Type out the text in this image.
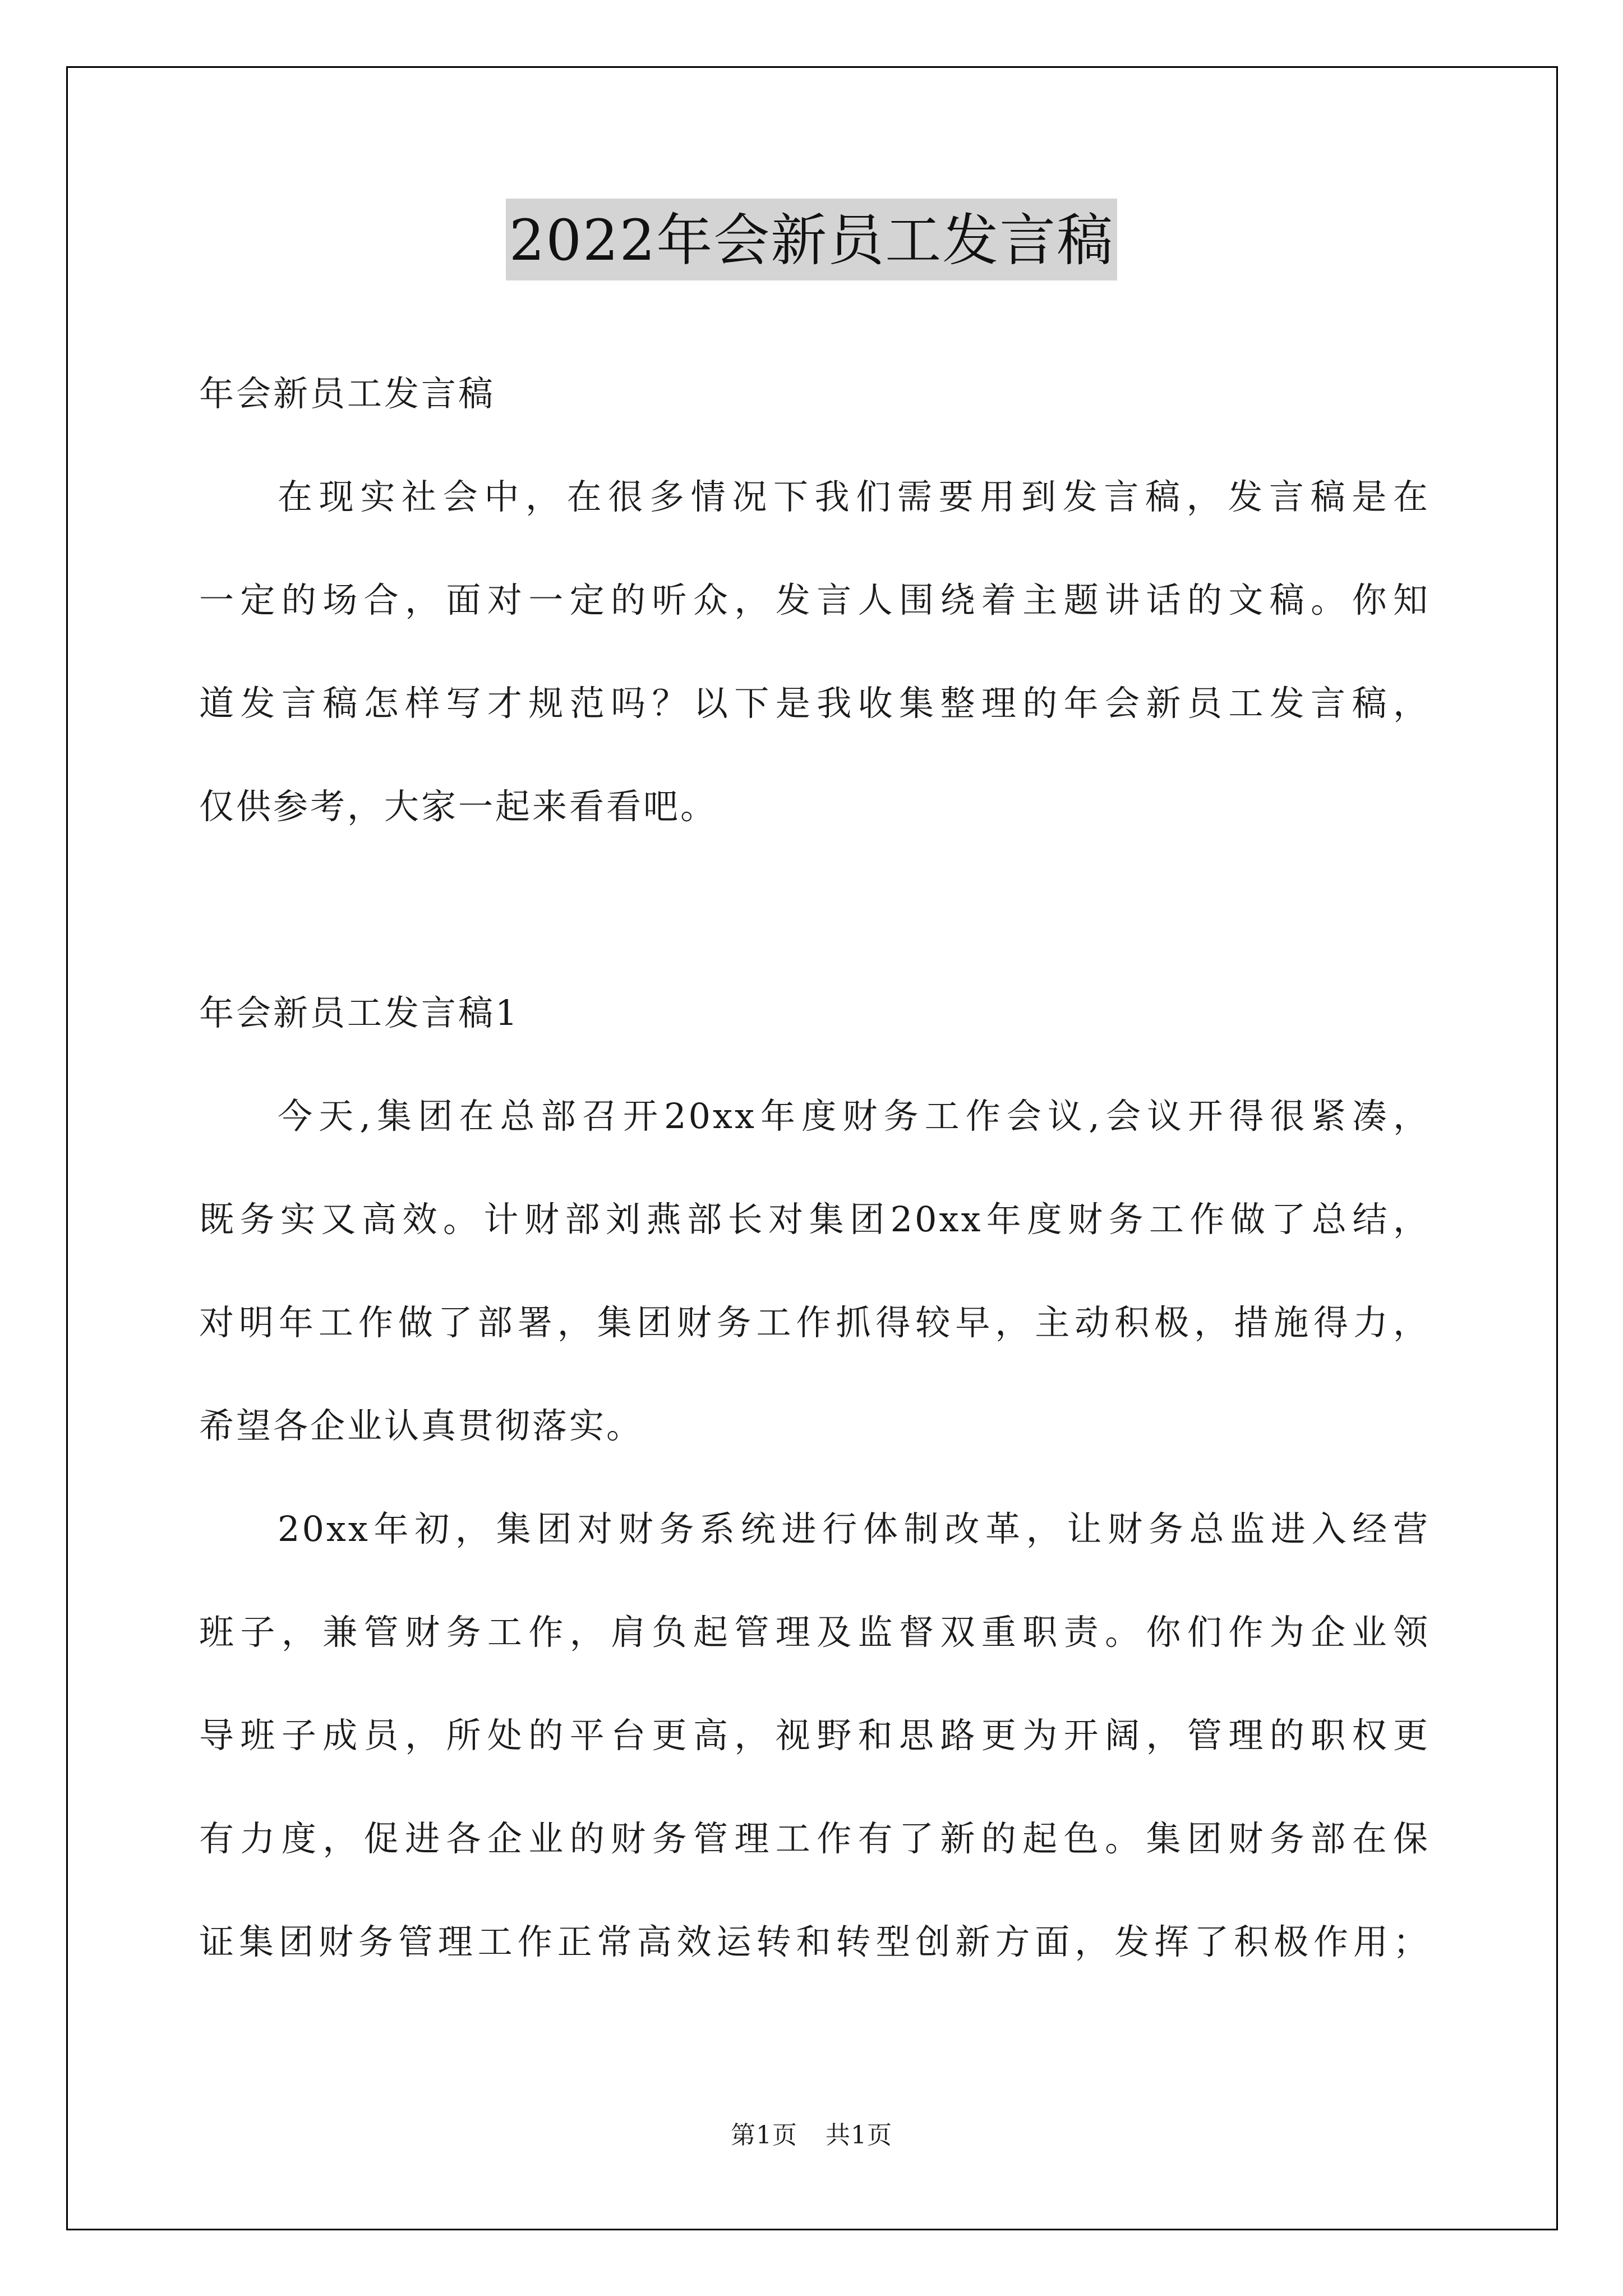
2022年会新员工发言稿
年会新员工发言稿
在现实社会中，在很多情况下我们需要用到发言稿，发言稿是在
一定的场合，面对一定的听众，发言人围绕着主题讲话的文稿。你知
道发言稿怎样写才规范吗？以下是我收集整理的年会新员工发言稿，
仅供参考，大家一起来看看吧。
年会新员工发言稿1
今天,集团在总部召开20xx年度财务工作会议,会议开得很紧凑，
既务实又高效。计财部刘燕部长对集团20xx年度财务工作做了总结，
对明年工作做了部署，集团财务工作抓得较早，主动积极，措施得力，
希望各企业认真贯彻落实。
20xx年初，集团对财务系统进行体制改革，让财务总监进入经营
班子，兼管财务工作，肩负起管理及监督双重职责。你们作为企业领
导班子成员，所处的平台更高，视野和思路更为开阔，管理的职权更
有力度，促进各企业的财务管理工作有了新的起色。集团财务部在保
证集团财务管理工作正常高效运转和转型创新方面，发挥了积极作用；
第1页 共1页
